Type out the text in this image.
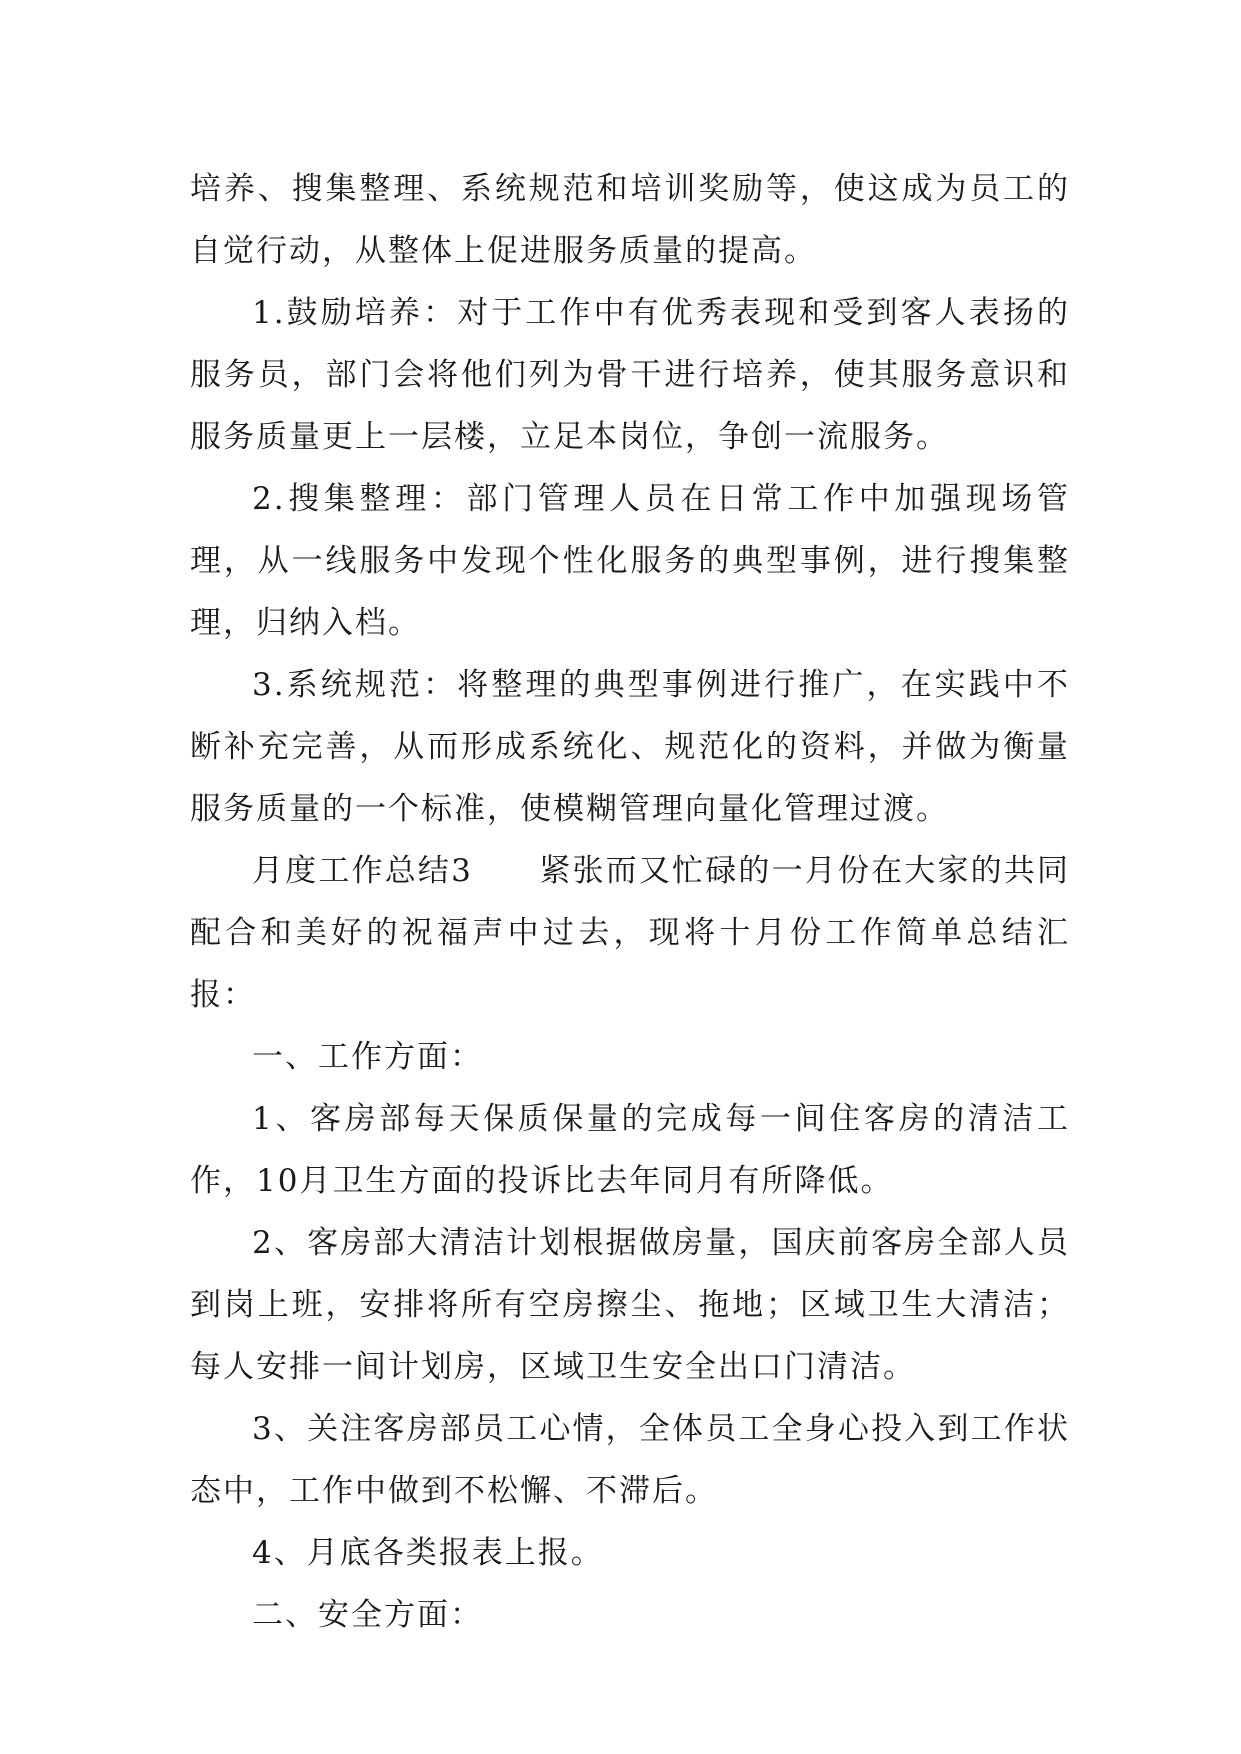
培养、搜集整理、系统规范和培训奖励等，使这成为员工的自觉行动，从整体上促进服务质量的提高。

1.鼓励培养：对于工作中有优秀表现和受到客人表扬的服务员，部门会将他们列为骨干进行培养，使其服务意识和服务质量更上一层楼，立足本岗位，争创一流服务。

2.搜集整理：部门管理人员在日常工作中加强现场管理，从一线服务中发现个性化服务的典型事例，进行搜集整理，归纳入档。

3.系统规范：将整理的典型事例进行推广，在实践中不断补充完善，从而形成系统化、规范化的资料，并做为衡量服务质量的一个标准，使模糊管理向量化管理过渡。

月度工作总结3　　紧张而又忙碌的一月份在大家的共同配合和美好的祝福声中过去，现将十月份工作简单总结汇报：

一、工作方面：

1、客房部每天保质保量的完成每一间住客房的清洁工作，10月卫生方面的投诉比去年同月有所降低。

2、客房部大清洁计划根据做房量，国庆前客房全部人员到岗上班，安排将所有空房擦尘、拖地；区域卫生大清洁；每人安排一间计划房，区域卫生安全出口门清洁。

3、关注客房部员工心情，全体员工全身心投入到工作状态中，工作中做到不松懈、不滞后。

4、月底各类报表上报。

二、安全方面：
